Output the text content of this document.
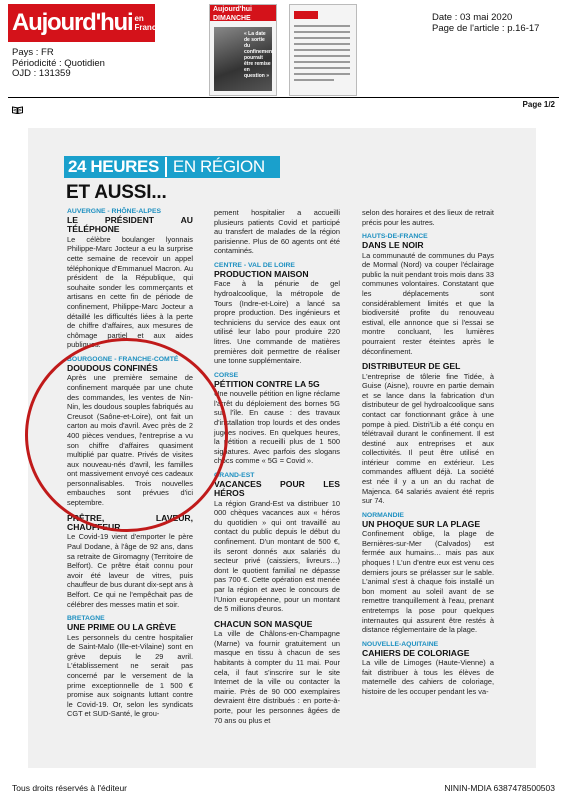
Aujourd'hui en
France
Pays : FR
Périodicité : Quotidien
OJD : 131359
Aujourd'hui DIMANCHE
« La date de sortie du confinement pourrait être remise en question »
Date : 03 mai 2020
Page de l'article : p.16-17
Page 1/2
24 HEURES EN RÉGION
ET AUSSI...
AUVERGNE - RHÔNE-ALPES
LE PRÉSIDENT AU TÉLÉPHONE
Le célèbre boulanger lyonnais Philippe-Marc Jocteur a eu la surprise cette semaine de recevoir un appel téléphonique d'Emmanuel Macron. Au président de la République, qui souhaite sonder les commerçants et artisans en cette fin de période de confinement, Philippe-Marc Jocteur a détaillé les difficultés liées à la perte de chiffre d'affaires, aux mesures de chômage partiel et aux aides publiques.
BOURGOGNE - FRANCHE-COMTÉ
DOUDOUS CONFINÉS
Après une première semaine de confinement marquée par une chute des commandes, les ventes de Nin-Nin, les doudous souples fabriqués au Creusot (Saône-et-Loire), ont fait un carton au mois d'avril. Avec près de 2 400 pièces vendues, l'entreprise a vu son chiffre d'affaires quasiment multiplié par quatre. Privés de visites aux nouveau-nés d'avril, les familles ont massivement envoyé ces cadeaux personnalisables. Trois nouvelles embauches sont prévues d'ici septembre.
PRÊTRE, LAVEUR, CHAUFFEUR
Le Covid-19 vient d'emporter le père Paul Dodane, à l'âge de 92 ans, dans sa retraite de Giromagny (Territoire de Belfort). Ce prêtre était connu pour avoir été laveur de vitres, puis chauffeur de bus durant dix-sept ans à Belfort. Ce qui ne l'empêchait pas de célébrer des messes matin et soir.
BRETAGNE
UNE PRIME OU LA GRÈVE
Les personnels du centre hospitalier de Saint-Malo (Ille-et-Vilaine) sont en grève depuis le 29 avril. L'établissement ne serait pas concerné par le versement de la prime exceptionnelle de 1 500 € promise aux soignants luttant contre le Covid-19. Or, selon les syndicats CGT et SUD-Santé, le grou-
pement hospitalier a accueilli plusieurs patients Covid et participé au transfert de malades de la région parisienne. Plus de 60 agents ont été contaminés.
CENTRE - VAL DE LOIRE
PRODUCTION MAISON
Face à la pénurie de gel hydroalcoolique, la métropole de Tours (Indre-et-Loire) a lancé sa propre production. Des ingénieurs et techniciens du service des eaux ont utilisé leur labo pour produire 220 litres. Une commande de matières premières doit permettre de réaliser une tonne supplémentaire.
CORSE
PÉTITION CONTRE LA 5G
Une nouvelle pétition en ligne réclame l'arrêt du déploiement des bornes 5G sur l'île. En cause : des travaux d'installation trop lourds et des ondes jugées nocives. En quelques heures, la pétition a recueilli plus de 1 500 signatures. Avec parfois des slogans chocs comme « 5G = Covid ».
GRAND-EST
VACANCES POUR LES HÉROS
La région Grand-Est va distribuer 10 000 chèques vacances aux « héros du quotidien » qui ont travaillé au contact du public depuis le début du confinement. D'un montant de 500 €, ils seront donnés aux salariés du secteur privé (caissiers, livreurs…) dont le quotient familial ne dépasse pas 700 €. Cette opération est menée par la région et avec le concours de l'Union européenne, pour un montant de 5 millions d'euros.
CHACUN SON MASQUE
La ville de Châlons-en-Champagne (Marne) va fournir gratuitement un masque en tissu à chacun de ses habitants à compter du 11 mai. Pour cela, il faut s'inscrire sur le site Internet de la ville ou contacter la mairie. Près de 90 000 exemplaires devraient être distribués : en porte-à-porte, pour les personnes âgées de 70 ans ou plus et
selon des horaires et des lieux de retrait précis pour les autres.
HAUTS-DE-FRANCE
DANS LE NOIR
La communauté de communes du Pays de Mormal (Nord) va couper l'éclairage public la nuit pendant trois mois dans 33 communes volontaires. Constatant que les déplacements sont considérablement limités et que la biodiversité profite du renouveau estival, elle annonce que si l'essai se montre concluant, les lumières pourraient rester éteintes après le déconfinement.
DISTRIBUTEUR DE GEL
L'entreprise de tôlerie fine Tidée, à Guise (Aisne), rouvre en partie demain et se lance dans la fabrication d'un distributeur de gel hydroalcoolique sans contact car fonctionnant grâce à une pompe à pied. Distri'Lib a été conçu en télétravail durant le confinement. Il est destiné aux entreprises et aux collectivités. Il peut être utilisé en intérieur comme en extérieur. Les commandes affluent déjà. La société est née il y a un an du rachat de Majenca. 64 salariés avaient été repris sur 74.
NORMANDIE
UN PHOQUE SUR LA PLAGE
Confinement oblige, la plage de Bernières-sur-Mer (Calvados) est fermée aux humains… mais pas aux phoques ! L'un d'entre eux est venu ces derniers jours se prélasser sur le sable. L'animal s'est à chaque fois installé un bon moment au soleil avant de se remettre tranquillement à l'eau, prenant entretemps la pose pour quelques internautes qui assurent être restés à distance réglementaire de la plage.
NOUVELLE-AQUITAINE
CAHIERS DE COLORIAGE
La ville de Limoges (Haute-Vienne) a fait distribuer à tous les élèves de maternelle des cahiers de coloriage, histoire de les occuper pendant les va-
Tous droits réservés à l'éditeur	NININ-MDIA 6387478500503
